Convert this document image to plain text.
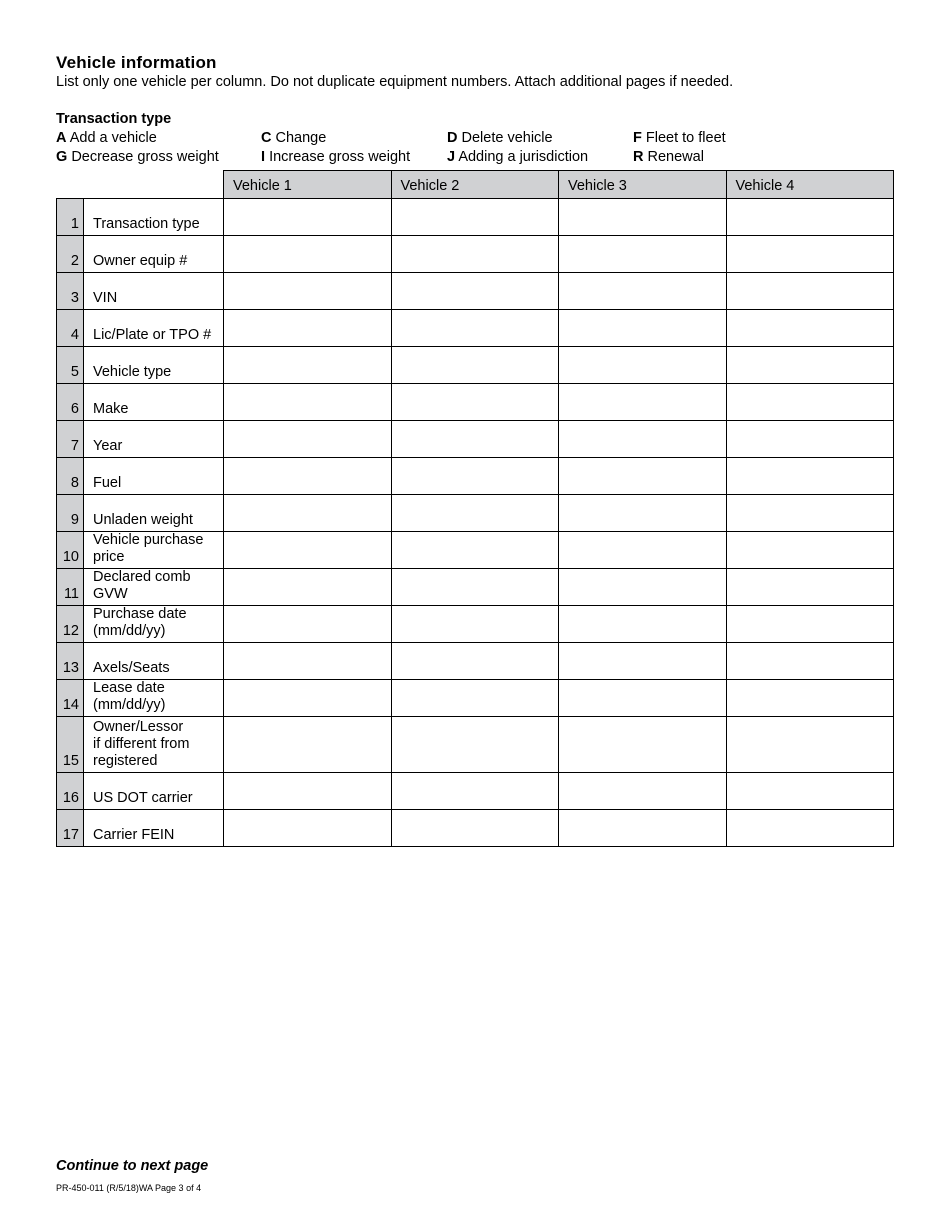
Vehicle information
List only one vehicle per column. Do not duplicate equipment numbers. Attach additional pages if needed.
Transaction type
A Add a vehicle	C Change	D Delete vehicle	F Fleet to fleet
G Decrease gross weight	I Increase gross weight	J Adding a jurisdiction	R Renewal
		Vehicle 1	Vehicle 2	Vehicle 3	Vehicle 4
1	Transaction type				
2	Owner equip #				
3	VIN				
4	Lic/Plate or TPO #				
5	Vehicle type				
6	Make				
7	Year				
8	Fuel				
9	Unladen weight				
10	Vehicle purchase
price				
11	Declared comb
GVW				
12	Purchase date
(mm/dd/yy)				
13	Axels/Seats				
14	Lease date
(mm/dd/yy)				
15	Owner/Lessor
if different from
registered				
16	US DOT carrier				
17	Carrier FEIN				
Continue to next page
PR-450-011 (R/5/18)WA Page 3 of 4
